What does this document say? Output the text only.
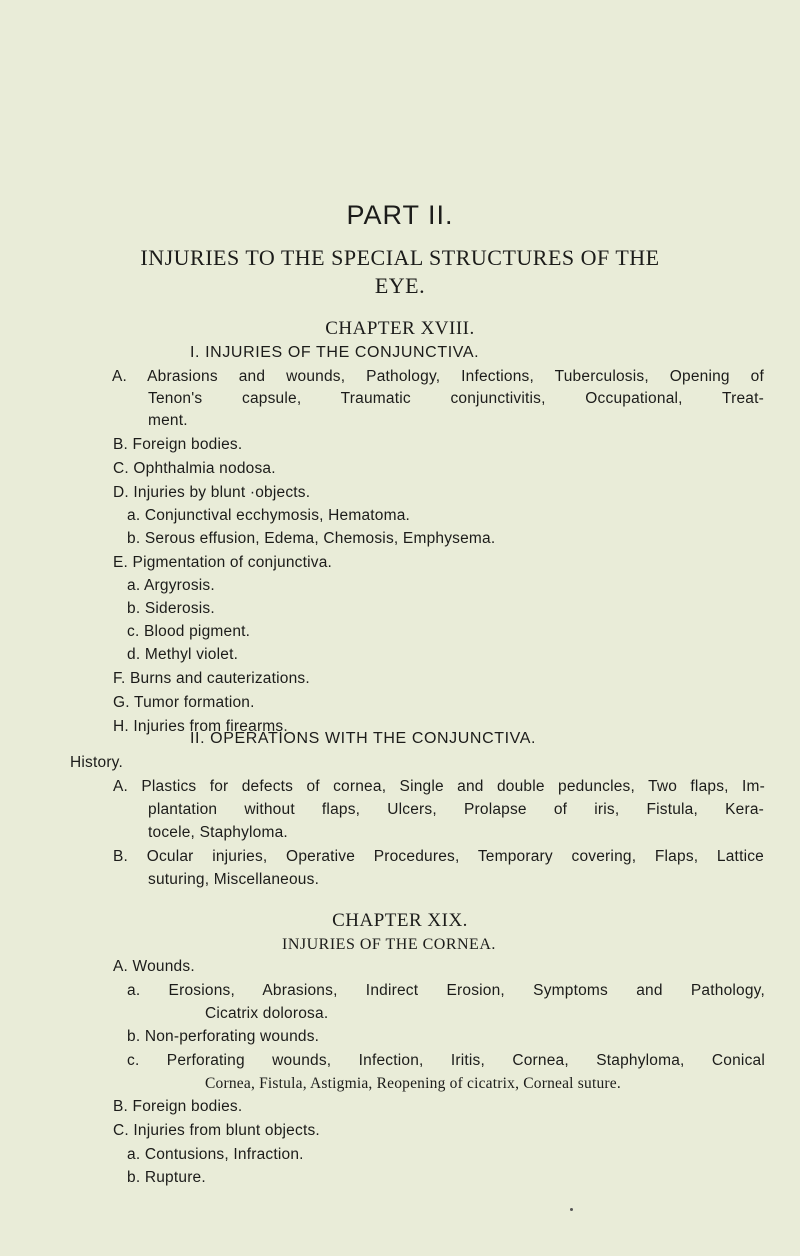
PART II.
INJURIES TO THE SPECIAL STRUCTURES OF THE
EYE.
CHAPTER XVIII.
I. INJURIES OF THE CONJUNCTIVA.
A. Abrasions and wounds, Pathology, Infections, Tuberculosis, Opening of
Tenon's capsule, Traumatic conjunctivitis, Occupational, Treat-
ment.
B. Foreign bodies.
C. Ophthalmia nodosa.
D. Injuries by blunt ·objects.
a. Conjunctival ecchymosis, Hematoma.
b. Serous effusion, Edema, Chemosis, Emphysema.
E. Pigmentation of conjunctiva.
a. Argyrosis.
b. Siderosis.
c. Blood pigment.
d. Methyl violet.
F. Burns and cauterizations.
G. Tumor formation.
H. Injuries from firearms.
II. OPERATIONS WITH THE CONJUNCTIVA.
History.
A. Plastics for defects of cornea, Single and double peduncles, Two flaps, Im-
plantation without flaps, Ulcers, Prolapse of iris, Fistula, Kera-
tocele, Staphyloma.
B. Ocular injuries, Operative Procedures, Temporary covering, Flaps, Lattice
suturing, Miscellaneous.
CHAPTER XIX.
INJURIES OF THE CORNEA.
A. Wounds.
a. Erosions, Abrasions, Indirect Erosion, Symptoms and Pathology,
Cicatrix dolorosa.
b. Non-perforating wounds.
c. Perforating wounds, Infection, Iritis, Cornea, Staphyloma, Conical
Cornea, Fistula, Astigmia, Reopening of cicatrix, Corneal suture.
B. Foreign bodies.
C. Injuries from blunt objects.
a. Contusions, Infraction.
b. Rupture.
